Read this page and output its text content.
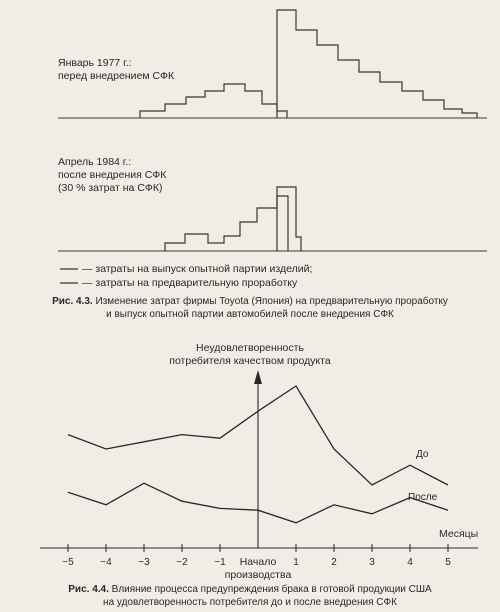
Январь 1977 г.:
перед внедрением СФК
Апрель 1984 г.:
после внедрения СФК
(30 % затрат на СФК)
— затраты на выпуск опытной партии изделий;
— затраты на предварительную проработку
Рис. 4.3. Изменение затрат фирмы Toyota (Япония) на предварительную проработку
и выпуск опытной партии автомобилей после внедрения СФК
Неудовлетворенность
потребителя качеством продукта
−5	−4	−3	−2	−1	1	2	3	4	5
До
После
Месяцы
Начало
производства
Рис. 4.4. Влияние процесса предупреждения брака в готовой продукции США
на удовлетворенность потребителя до и после внедрения СФК
